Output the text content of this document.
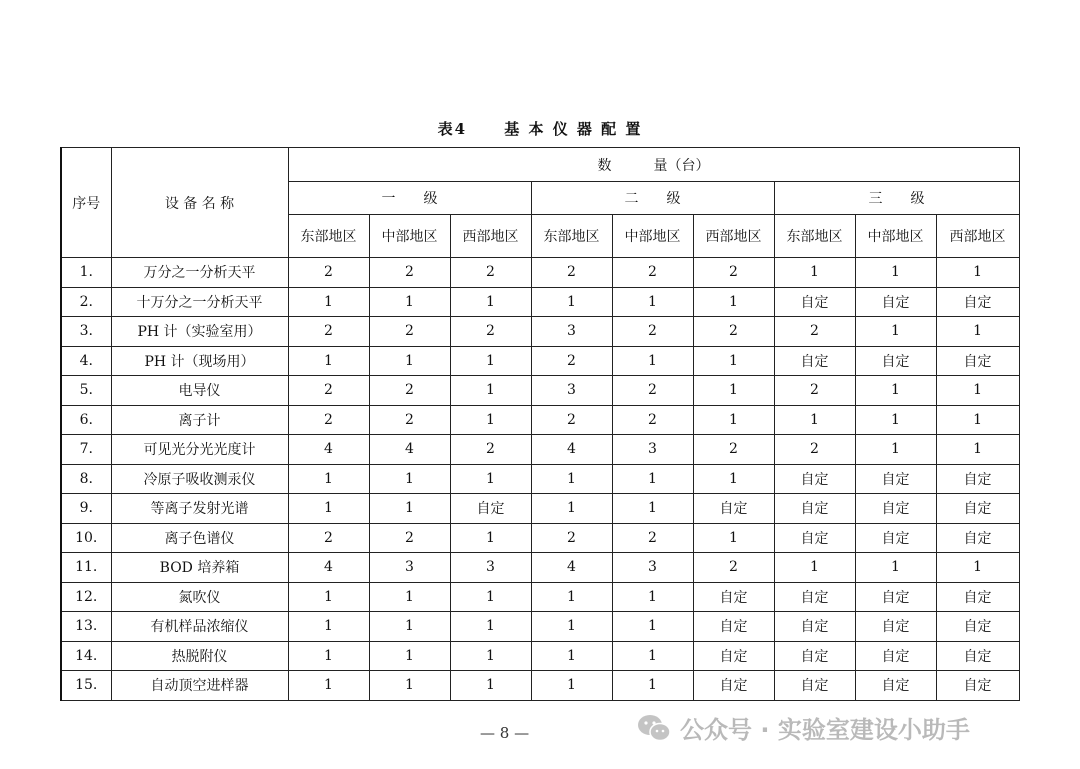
表4 基 本 仪 器 配 置
序号	设 备 名 称	数　　　量（台）								
		一　　级			二　　级			三　　级		
		东部地区	中部地区	西部地区	东部地区	中部地区	西部地区	东部地区	中部地区	西部地区
1.	万分之一分析天平	2	2	2	2	2	2	1	1	1
2.	十万分之一分析天平	1	1	1	1	1	1	自定	自定	自定
3.	PH 计（实验室用）	2	2	2	3	2	2	2	1	1
4.	PH 计（现场用）	1	1	1	2	1	1	自定	自定	自定
5.	电导仪	2	2	1	3	2	1	2	1	1
6.	离子计	2	2	1	2	2	1	1	1	1
7.	可见光分光光度计	4	4	2	4	3	2	2	1	1
8.	冷原子吸收测汞仪	1	1	1	1	1	1	自定	自定	自定
9.	等离子发射光谱	1	1	自定	1	1	自定	自定	自定	自定
10.	离子色谱仪	2	2	1	2	2	1	自定	自定	自定
11.	BOD 培养箱	4	3	3	4	3	2	1	1	1
12.	氮吹仪	1	1	1	1	1	自定	自定	自定	自定
13.	有机样品浓缩仪	1	1	1	1	1	自定	自定	自定	自定
14.	热脱附仪	1	1	1	1	1	自定	自定	自定	自定
15.	自动顶空进样器	1	1	1	1	1	自定	自定	自定	自定
— 8 —	公众号 · 实验室建设小助手
